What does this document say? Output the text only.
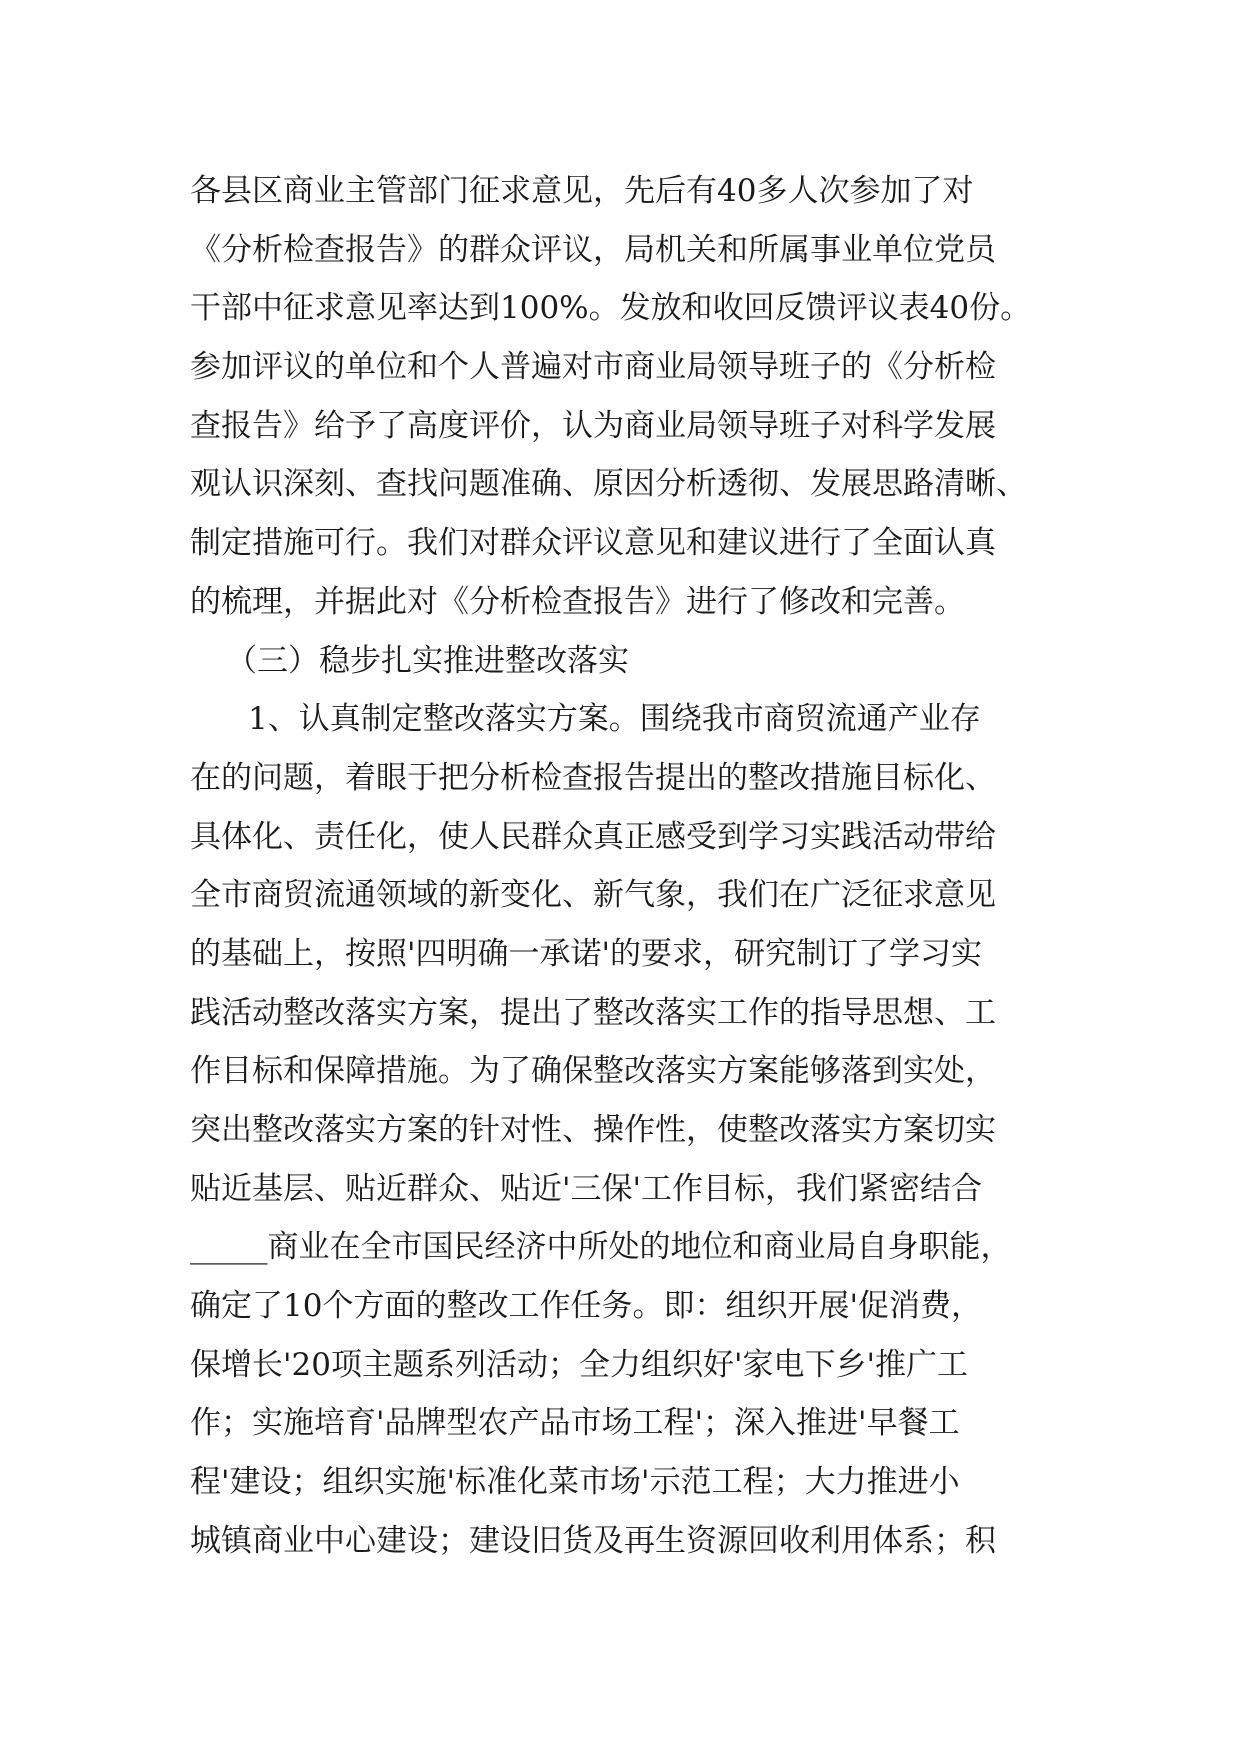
各县区商业主管部门征求意见，先后有40多人次参加了对
《分析检查报告》的群众评议，局机关和所属事业单位党员
干部中征求意见率达到100%。发放和收回反馈评议表40份。
参加评议的单位和个人普遍对市商业局领导班子的《分析检
查报告》给予了高度评价，认为商业局领导班子对科学发展
观认识深刻、查找问题准确、原因分析透彻、发展思路清晰、
制定措施可行。我们对群众评议意见和建议进行了全面认真
的梳理，并据此对《分析检查报告》进行了修改和完善。
（三）稳步扎实推进整改落实
1、认真制定整改落实方案。围绕我市商贸流通产业存
在的问题，着眼于把分析检查报告提出的整改措施目标化、
具体化、责任化，使人民群众真正感受到学习实践活动带给
全市商贸流通领域的新变化、新气象，我们在广泛征求意见
的基础上，按照'四明确一承诺'的要求，研究制订了学习实
践活动整改落实方案，提出了整改落实工作的指导思想、工
作目标和保障措施。为了确保整改落实方案能够落到实处，
突出整改落实方案的针对性、操作性，使整改落实方案切实
贴近基层、贴近群众、贴近'三保'工作目标，我们紧密结合
_____商业在全市国民经济中所处的地位和商业局自身职能，
确定了10个方面的整改工作任务。即：组织开展'促消费，
保增长'20项主题系列活动；全力组织好'家电下乡'推广工
作；实施培育'品牌型农产品市场工程'；深入推进'早餐工
程'建设；组织实施'标准化菜市场'示范工程；大力推进小
城镇商业中心建设；建设旧货及再生资源回收利用体系；积
